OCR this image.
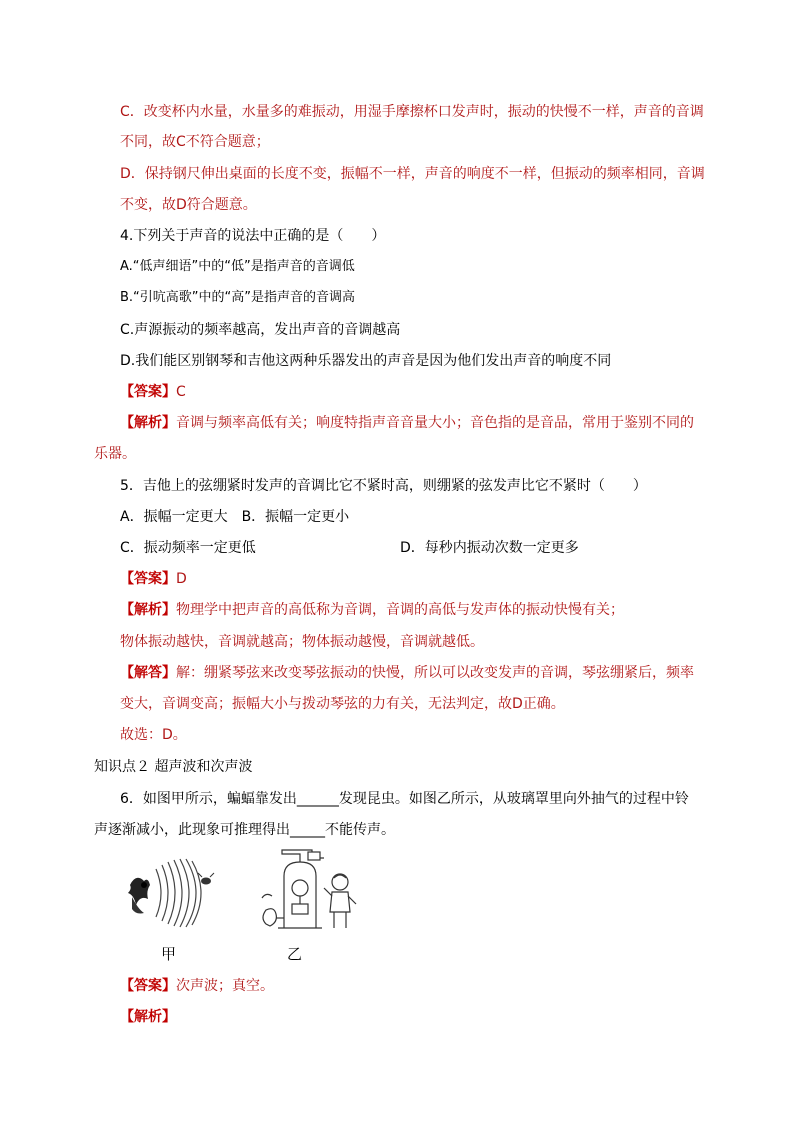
C．改变杯内水量，水量多的难振动，用湿手摩擦杯口发声时，振动的快慢不一样，声音的音调
不同，故C不符合题意；
D．保持钢尺伸出桌面的长度不变，振幅不一样，声音的响度不一样，但振动的频率相同，音调
不变，故D符合题意。
4.下列关于声音的说法中正确的是（　　）
A.“低声细语”中的“低”是指声音的音调低
B.“引吭高歌”中的“高”是指声音的音调高
C.声源振动的频率越高，发出声音的音调越高
D.我们能区别钢琴和吉他这两种乐器发出的声音是因为他们发出声音的响度不同
【答案】C
【解析】音调与频率高低有关；响度特指声音音量大小；音色指的是音品，常用于鉴别不同的
乐器。
5．吉他上的弦绷紧时发声的音调比它不紧时高，则绷紧的弦发声比它不紧时（　　）
A．振幅一定更大 B．振幅一定更小
C．振动频率一定更低	D．每秒内振动次数一定更多
【答案】D
【解析】物理学中把声音的高低称为音调，音调的高低与发声体的振动快慢有关；
物体振动越快，音调就越高；物体振动越慢，音调就越低。
【解答】解：绷紧琴弦来改变琴弦振动的快慢，所以可以改变发声的音调，琴弦绷紧后，频率
变大，音调变高；振幅大小与拨动琴弦的力有关，无法判定，故D正确。
故选：D。
知识点２ 超声波和次声波
6．如图甲所示，蝙蝠靠发出______发现昆虫。如图乙所示，从玻璃罩里向外抽气的过程中铃
声逐渐减小，此现象可推理得出_____不能传声。
甲	乙
【答案】次声波；真空。
【解析】
